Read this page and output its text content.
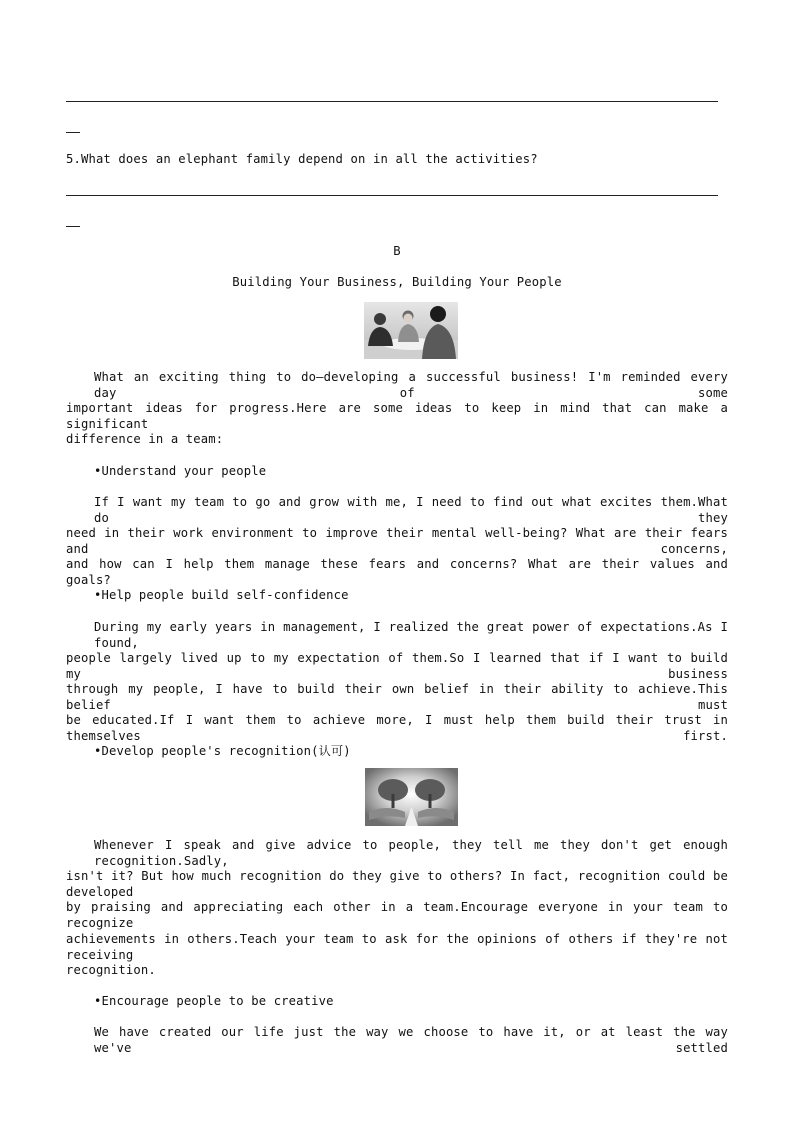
5.What does an elephant family depend on in all the activities?
B
Building Your Business, Building Your People
What an exciting thing to do—developing a successful business! I'm reminded every day of some
important ideas for progress.Here are some ideas to keep in mind that can make a significant
difference in a team:
•Understand your people
If I want my team to go and grow with me, I need to find out what excites them.What do they
need in their work environment to improve their mental well-being? What are their fears and concerns,
and how can I help them manage these fears and concerns? What are their values and goals?
•Help people build self-confidence
During my early years in management, I realized the great power of expectations.As I found,
people largely lived up to my expectation of them.So I learned that if I want to build my business
through my people, I have to build their own belief in their ability to achieve.This belief must
be educated.If I want them to achieve more, I must help them build their trust in themselves first.
•Develop people's recognition(认可)
Whenever I speak and give advice to people, they tell me they don't get enough recognition.Sadly,
isn't it? But how much recognition do they give to others? In fact, recognition could be developed
by praising and appreciating each other in a team.Encourage everyone in your team to recognize
achievements in others.Teach your team to ask for the opinions of others if they're not receiving
recognition.
•Encourage people to be creative
We have created our life just the way we choose to have it, or at least the way we've settled
